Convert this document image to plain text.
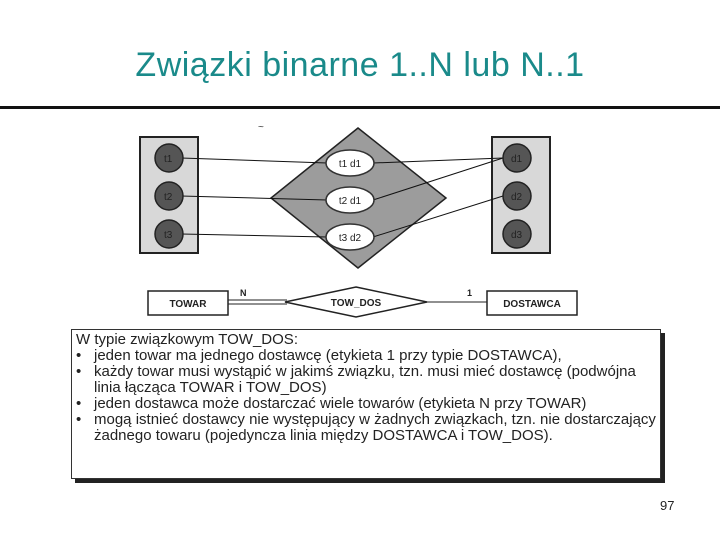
Związki binarne 1..N lub N..1
~
t1
t2
t3
d1
d2
d3
t1 d1
t2 d1
t3 d2
TOWAR	DOSTAWCA
TOW_DOS
N	1
W typie związkowym TOW_DOS:
• jeden towar ma jednego dostawcę (etykieta 1 przy typie DOSTAWCA),
• każdy towar musi wystąpić w jakimś związku, tzn. musi mieć dostawcę (podwójna linia łącząca TOWAR i TOW_DOS)
• jeden dostawca może dostarczać wiele towarów (etykieta N przy TOWAR)
• mogą istnieć dostawcy nie występujący w żadnych związkach, tzn. nie dostarczający żadnego towaru (pojedyncza linia między DOSTAWCA i TOW_DOS).
97
